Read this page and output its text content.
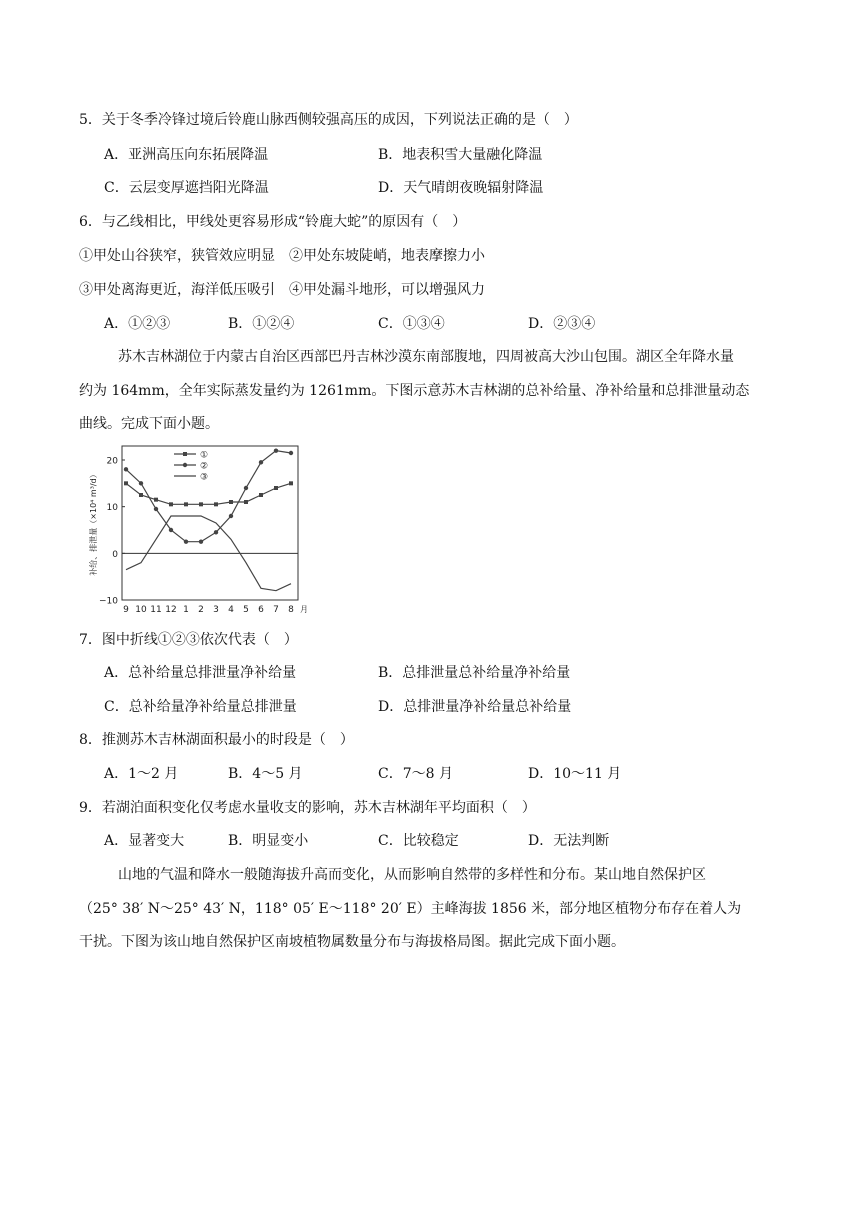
5．关于冬季冷锋过境后铃鹿山脉西侧较强高压的成因，下列说法正确的是（　）
A．亚洲高压向东拓展降温	B．地表积雪大量融化降温
C．云层变厚遮挡阳光降温	D．天气晴朗夜晚辐射降温
6．与乙线相比，甲线处更容易形成“铃鹿大蛇”的原因有（　）
①甲处山谷狭窄，狭管效应明显　②甲处东坡陡峭，地表摩擦力小
③甲处离海更近，海洋低压吸引　④甲处漏斗地形，可以增强风力
A．①②③	B．①②④	C．①③④	D．②③④
苏木吉林湖位于内蒙古自治区西部巴丹吉林沙漠东南部腹地，四周被高大沙山包围。湖区全年降水量
约为 164mm，全年实际蒸发量约为 1261mm。下图示意苏木吉林湖的总补给量、净补给量和总排泄量动态
曲线。完成下面小题。
20
10
0
−10
9 10 11 12 1 2 3 4 5 6 7 8 月
补给、排泄量（×10⁴ m³/d）
①
②
③
7．图中折线①②③依次代表（　）
A．总补给量总排泄量净补给量	B．总排泄量总补给量净补给量
C．总补给量净补给量总排泄量	D．总排泄量净补给量总补给量
8．推测苏木吉林湖面积最小的时段是（　）
A．1～2 月	B．4～5 月	C．7～8 月	D．10～11 月
9．若湖泊面积变化仅考虑水量收支的影响，苏木吉林湖年平均面积（　）
A．显著变大	B．明显变小	C．比较稳定	D．无法判断
山地的气温和降水一般随海拔升高而变化，从而影响自然带的多样性和分布。某山地自然保护区
（25° 38′ N～25° 43′ N，118° 05′ E～118° 20′ E）主峰海拔 1856 米，部分地区植物分布存在着人为
干扰。下图为该山地自然保护区南坡植物属数量分布与海拔格局图。据此完成下面小题。
